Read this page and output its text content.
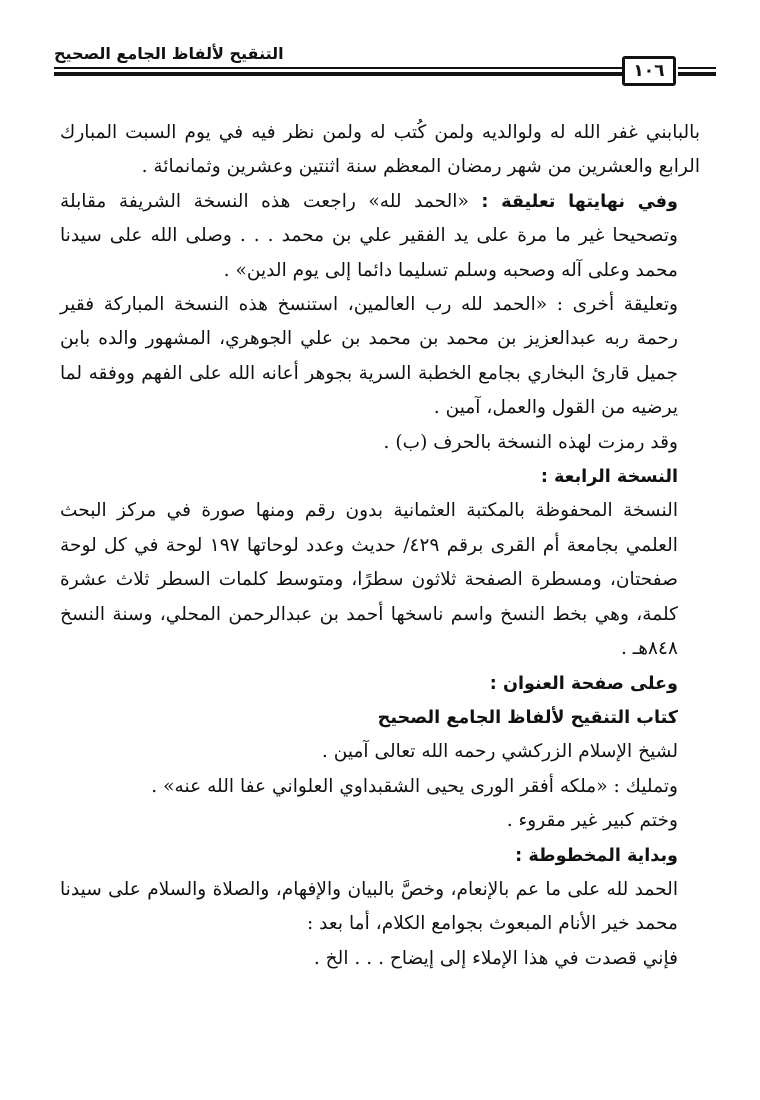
التنقيح لألفاظ الجامع الصحيح
١٠٦

بالبابني غفر الله له ولوالديه ولمن كُتب له ولمن نظر فيه في يوم السبت المبارك الرابع والعشرين من شهر رمضان المعظم سنة اثنتين وعشرين وثمانمائة .

وفي نهايتها تعليقة : «الحمد لله» راجعت هذه النسخة الشريفة مقابلة وتصحيحا غير ما مرة على يد الفقير علي بن محمد . . . وصلى الله على سيدنا محمد وعلى آله وصحبه وسلم تسليما دائما إلى يوم الدين» .

وتعليقة أخرى : «الحمد لله رب العالمين، استنسخ هذه النسخة المباركة فقير رحمة ربه عبدالعزيز بن محمد بن محمد بن علي الجوهري، المشهور والده بابن جميل قارئ البخاري بجامع الخطبة السرية بجوهر أعانه الله على الفهم ووفقه لما يرضيه من القول والعمل، آمين .

وقد رمزت لهذه النسخة بالحرف (ب) .

النسخة الرابعة :

النسخة المحفوظة بالمكتبة العثمانية بدون رقم ومنها صورة في مركز البحث العلمي بجامعة أم القرى برقم ٤٢٩/ حديث وعدد لوحاتها ١٩٧ لوحة في كل لوحة صفحتان، ومسطرة الصفحة ثلاثون سطرًا، ومتوسط كلمات السطر ثلاث عشرة كلمة، وهي بخط النسخ واسم ناسخها أحمد بن عبدالرحمن المحلي، وسنة النسخ ٨٤٨هـ .

وعلى صفحة العنوان :

كتاب التنقيح لألفاظ الجامع الصحيح

لشيخ الإسلام الزركشي رحمه الله تعالى آمين .

وتمليك : «ملكه أفقر الورى يحيى الشقبداوي العلواني عفا الله عنه» .

وختم كبير غير مقروء .

وبداية المخطوطة :

الحمد لله على ما عم بالإنعام، وخصَّ بالبيان والإفهام، والصلاة والسلام على سيدنا محمد خير الأنام المبعوث بجوامع الكلام، أما بعد :

فإني قصدت في هذا الإملاء إلى إيضاح . . . الخ .
